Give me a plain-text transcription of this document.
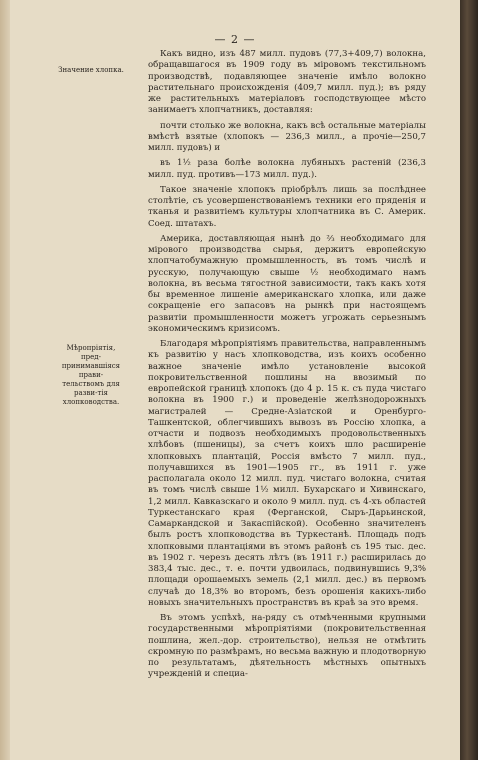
— 2 —
Значение хлопка.
Мѣропріятія, пред-принимавшіяся прави-тельствомъ для разви-тія хлопководства.

Какъ видно, изъ 487 милл. пудовъ (77,3+409,7) волокна, обращавшагося въ 1909 году въ міровомъ текстильномъ производствѣ, подавляющее значеніе имѣло волокно растительнаго происхожденія (409,7 милл. пуд.); въ ряду же растительныхъ матеріаловъ господствующее мѣсто занимаетъ хлопчатникъ, доставляя:

почти столько же волокна, какъ всѣ остальные матеріалы вмѣстѣ взятые (хлопокъ — 236,3 милл., а прочіе—250,7 милл. пудовъ) и

въ 1½ раза болѣе волокна лубяныхъ растеній (236,3 милл. пуд. противъ—173 милл. пуд.).

Такое значеніе хлопокъ пріобрѣлъ лишь за послѣднее столѣтіе, съ усовершенствованіемъ техники его пряденія и тканья и развитіемъ культуры хлопчатника въ С. Америк. Соед. штатахъ.

Америка, доставляющая нынѣ до ⅔ необходимаго для мірового производства сырья, держитъ европейскую хлопчатобумажную промышленность, въ томъ числѣ и русскую, получающую свыше ½ необходимаго намъ волокна, въ весьма тягостной зависимости, такъ какъ хотя бы временное лишеніе американскаго хлопка, или даже сокращеніе его запасовъ на рынкѣ при настоящемъ развитіи промышленности можетъ угрожать серьезнымъ экономическимъ кризисомъ.

Благодаря мѣропріятіямъ правительства, направленнымъ къ развитію у насъ хлопководства, изъ коихъ особенно важное значеніе имѣло установленіе высокой покровительственной пошлины на ввозимый по европейской границѣ хлопокъ (до 4 р. 15 к. съ пуда чистаго волокна въ 1900 г.) и проведеніе желѣзнодорожныхъ магистралей — Средне-Азіатской и Оренбурго-Ташкентской, облегчившихъ вывозъ въ Россію хлопка, а отчасти и подвозъ необходимыхъ продовольственныхъ хлѣбовъ (пшеницы), за счетъ коихъ шло расширеніе хлопковыхъ плантацій, Россія вмѣсто 7 милл. пуд., получавшихся въ 1901—1905 гг., въ 1911 г. уже располагала около 12 милл. пуд. чистаго волокна, считая въ томъ числѣ свыше 1½ милл. Бухарскаго и Хивинскаго, 1,2 милл. Кавказскаго и около 9 милл. пуд. съ 4-хъ областей Туркестанскаго края (Ферганской, Сыръ-Дарьинской, Самаркандской и Закаспійской). Особенно значителенъ былъ ростъ хлопководства въ Туркестанѣ. Площадь подъ хлопковыми плантаціями въ этомъ районѣ съ 195 тыс. дес. въ 1902 г. черезъ десять лѣтъ (въ 1911 г.) расширилась до 383,4 тыс. дес., т. е. почти удвоилась, подвинувшись 9,3% площади орошаемыхъ земель (2,1 милл. дес.) въ первомъ случаѣ до 18,3% во второмъ, безъ орошенія какихъ-либо новыхъ значительныхъ пространствъ въ краѣ за это время.

Въ этомъ успѣхѣ, на-ряду съ отмѣченными крупными государственными мѣропріятіями (покровительственная пошлина, жел.-дор. строительство), нельзя не отмѣтить скромную по размѣрамъ, но весьма важную и плодотворную по результатамъ, дѣятельность мѣстныхъ опытныхъ учрежденій и специа-
